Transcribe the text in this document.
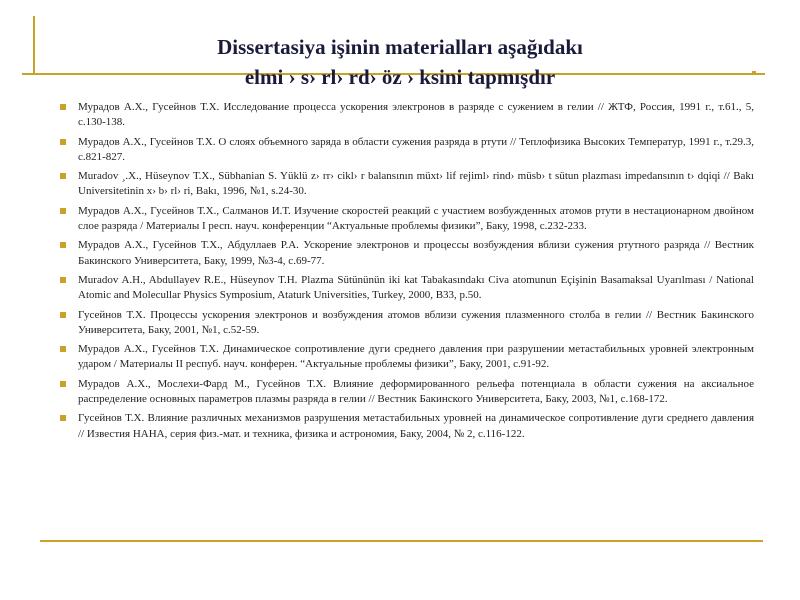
Dissertasiya işinin materialları aşağıdakı
elmi › s› rl› rd› öz › ksini tapmışdır
Мурадов А.Х., Гусейнов Т.Х. Исследование процесса ускорения электронов в разряде с сужением в гелии // ЖТФ, Россия, 1991 г., т.61., 5, с.130-138.
Мурадов А.Х., Гусейнов Т.Х. О слоях объемного заряда в области сужения разряда в ртути // Теплофизика Высоких Температур, 1991 г., т.29.3, с.821-827.
Muradov ¸.Х., Hüseynov Т.Х., Sübhanian S. Yüklü z› rr› cikl› r balansının müxt› lif rejiml› rind› müsb› t sütun plazması impedansının t› dqiqi // Bakı Universitetinin x› b› rl› ri, Bakı, 1996, №1, s.24-30.
Мурадов А.Х., Гусейнов Т.Х., Салманов И.Т. Изучение скоростей реакций с участием возбужденных атомов ртути в нестационарном двойном слое разряда / Материалы I респ. науч. конференции “Актуальные проблемы физики”, Баку, 1998, с.232-233.
Мурадов А.Х., Гусейнов Т.Х., Абдуллаев Р.А. Ускорение электронов и процессы возбуждения вблизи сужения ртутного разряда // Вестник Бакинского Университета, Баку, 1999, №3-4, с.69-77.
Muradov A.H., Abdullayev R.E., Hüseynov T.H. Plazma Sütününün iki kat Tabakasındakı Civa atomunun Eçişinin Basamaksal Uyarılması / National Atomic and Molecullar Physics Symposium, Ataturk Universities, Turkey, 2000, B33, p.50.
Гусейнов Т.Х. Процессы ускорения электронов и возбуждения атомов вблизи сужения плазменного столба в гелии // Вестник Бакинского Университета, Баку, 2001, №1, с.52-59.
Мурадов А.Х., Гусейнов Т.Х. Динамическое сопротивление дуги среднего давления при разрушении метастабильных уровней электронным ударом / Материалы II респуб. науч. конферен. “Актуальные проблемы физики”, Баку, 2001, с.91-92.
Мурадов А.Х., Мослехи-Фард М., Гусейнов Т.Х. Влияние деформированного рельефа потенциала в области сужения на аксиальное распределение основных параметров плазмы разряда в гелии // Вестник Бакинского Университета, Баку, 2003, №1, с.168-172.
Гусейнов Т.Х. Влияние различных механизмов разрушения метастабильных уровней на динамическое сопротивление дуги среднего давления // Известия НАНА, серия физ.-мат. и техника, физика и астрономия, Баку, 2004, № 2, с.116-122.
